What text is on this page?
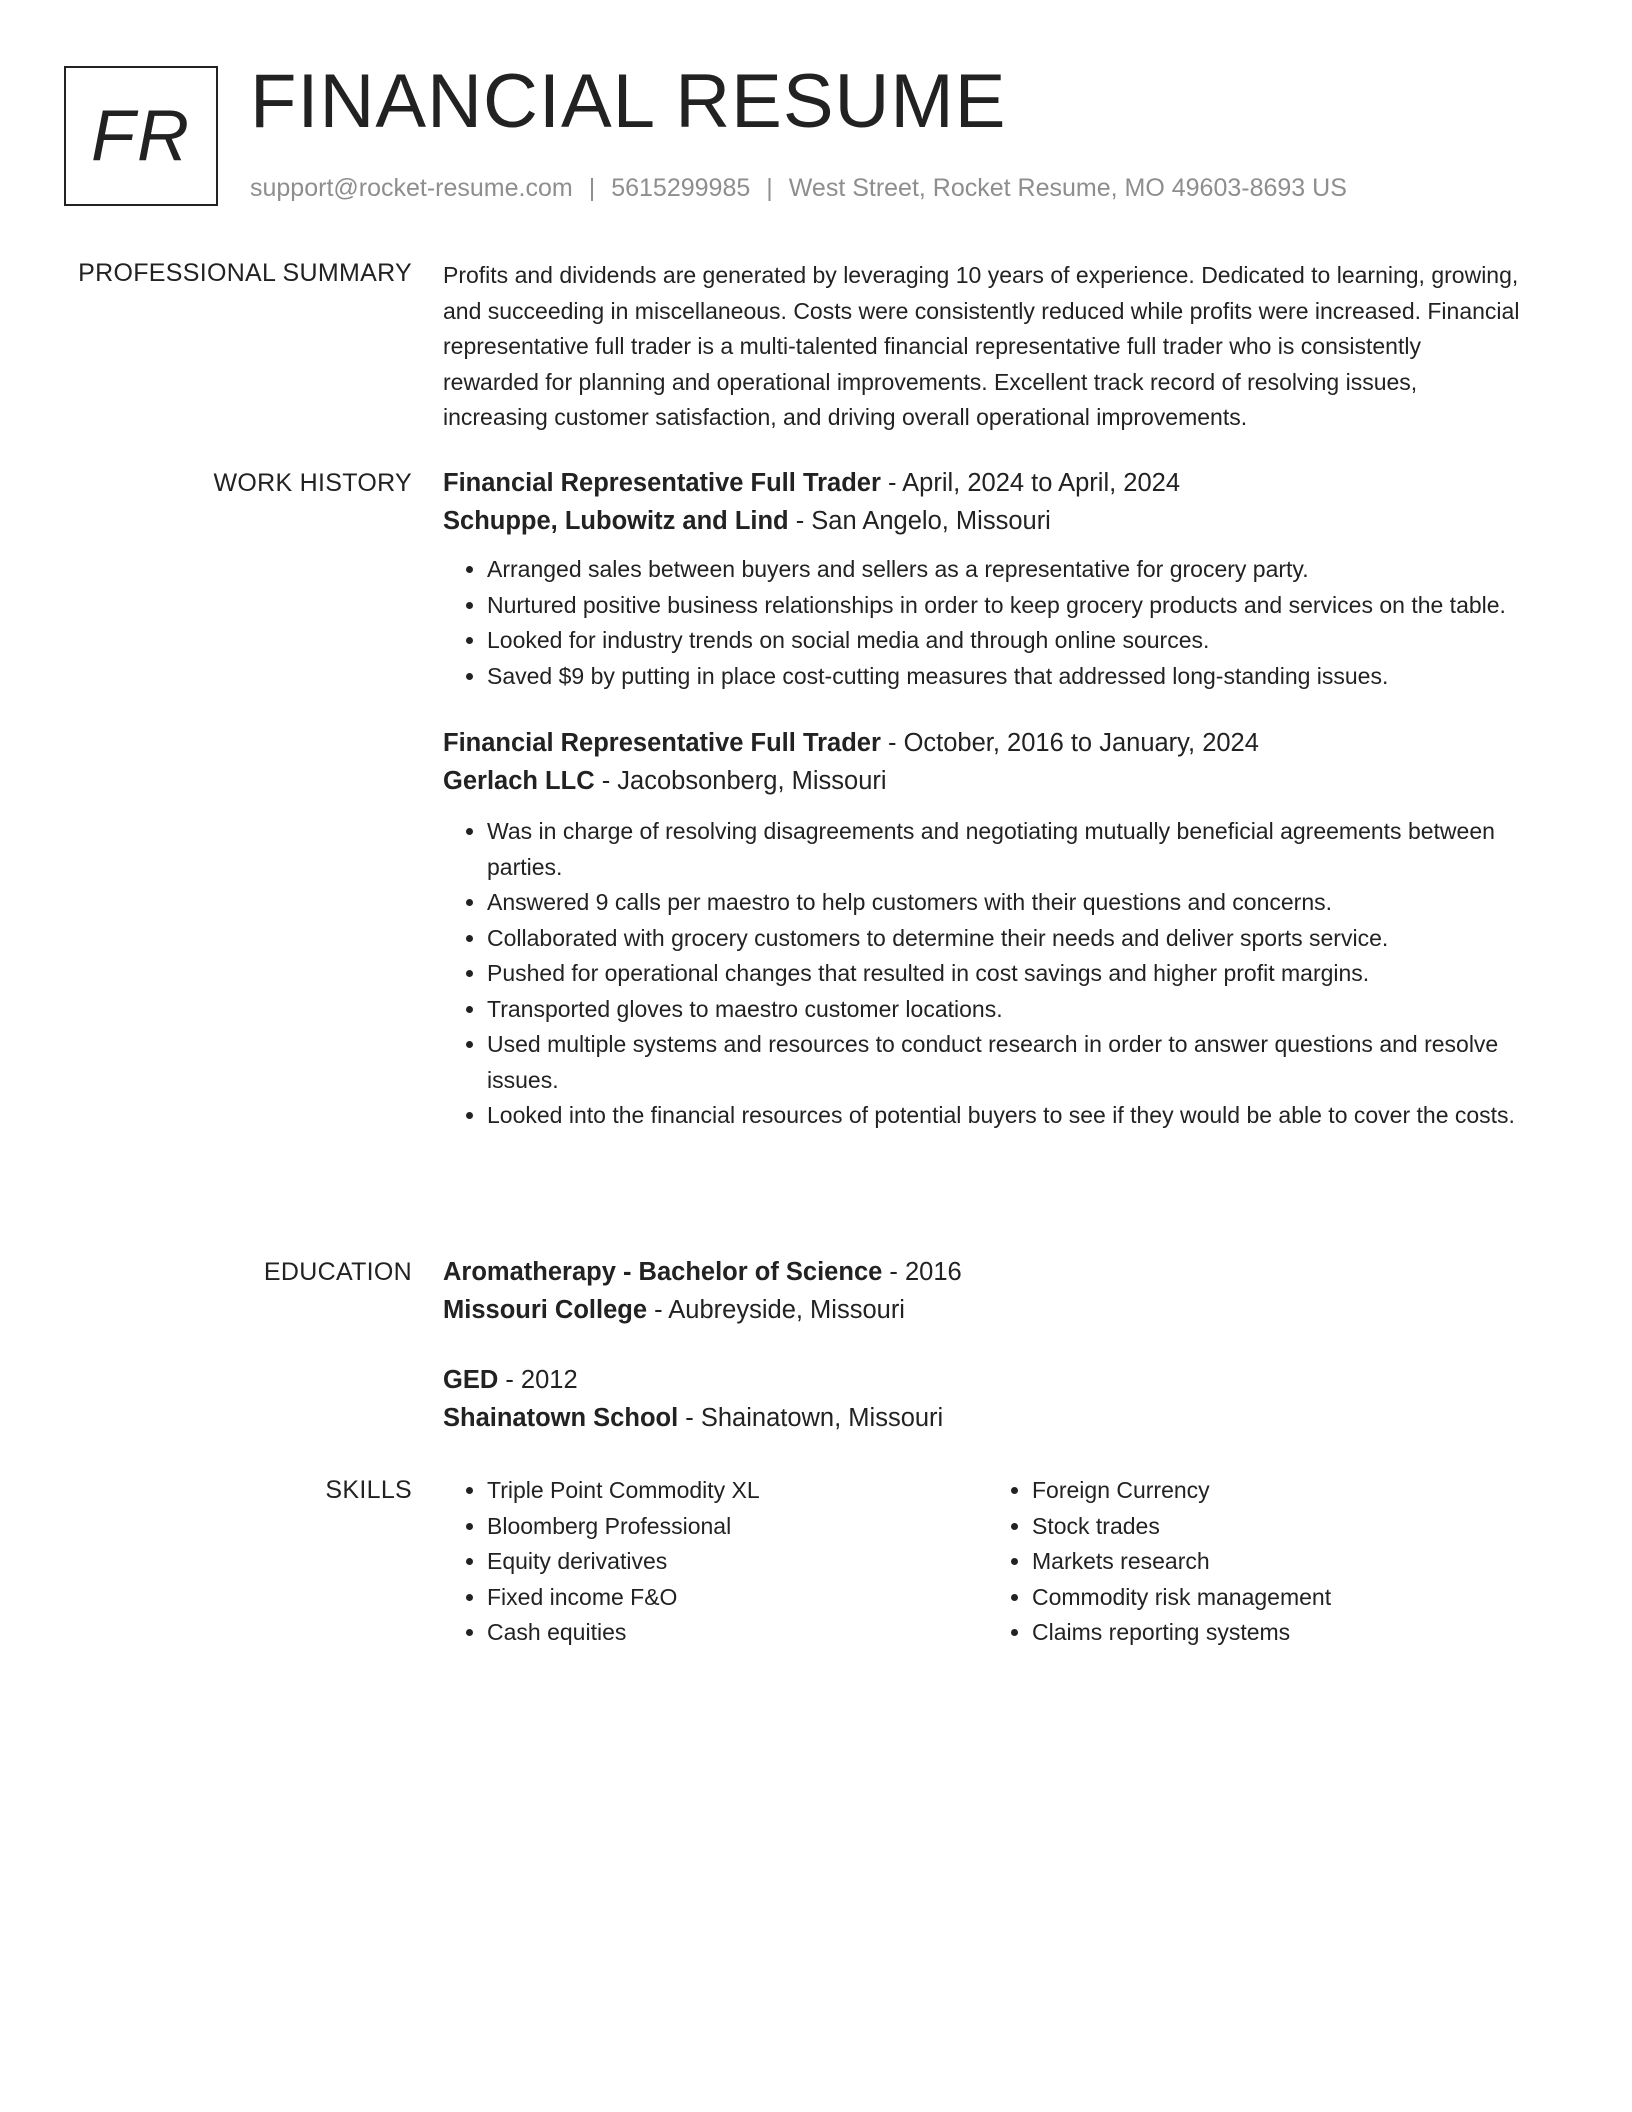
FR FINANCIAL RESUME
support@rocket-resume.com | 5615299985 | West Street, Rocket Resume, MO 49603-8693 US
PROFESSIONAL SUMMARY Profits and dividends are generated by leveraging 10 years of experience. Dedicated to learning, growing, and succeeding in miscellaneous. Costs were consistently reduced while profits were increased. Financial representative full trader is a multi-talented financial representative full trader who is consistently rewarded for planning and operational improvements. Excellent track record of resolving issues, increasing customer satisfaction, and driving overall operational improvements.

WORK HISTORY Financial Representative Full Trader - April, 2024 to April, 2024
Schuppe, Lubowitz and Lind - San Angelo, Missouri
• Arranged sales between buyers and sellers as a representative for grocery party.
• Nurtured positive business relationships in order to keep grocery products and services on the table.
• Looked for industry trends on social media and through online sources.
• Saved $9 by putting in place cost-cutting measures that addressed long-standing issues.
Financial Representative Full Trader - October, 2016 to January, 2024
Gerlach LLC - Jacobsonberg, Missouri
• Was in charge of resolving disagreements and negotiating mutually beneficial agreements between parties.
• Answered 9 calls per maestro to help customers with their questions and concerns.
• Collaborated with grocery customers to determine their needs and deliver sports service.
• Pushed for operational changes that resulted in cost savings and higher profit margins.
• Transported gloves to maestro customer locations.
• Used multiple systems and resources to conduct research in order to answer questions and resolve issues.
• Looked into the financial resources of potential buyers to see if they would be able to cover the costs.
EDUCATION Aromatherapy - Bachelor of Science - 2016
Missouri College - Aubreyside, Missouri
GED - 2012
Shainatown School - Shainatown, Missouri
SKILLS
•	Triple Point Commodity XL
• Bloomberg Professional
• Equity derivatives
• Fixed income F&O
• Cash equities
• Foreign Currency
• Stock trades
• Markets research
• Commodity risk management
• Claims reporting systems
